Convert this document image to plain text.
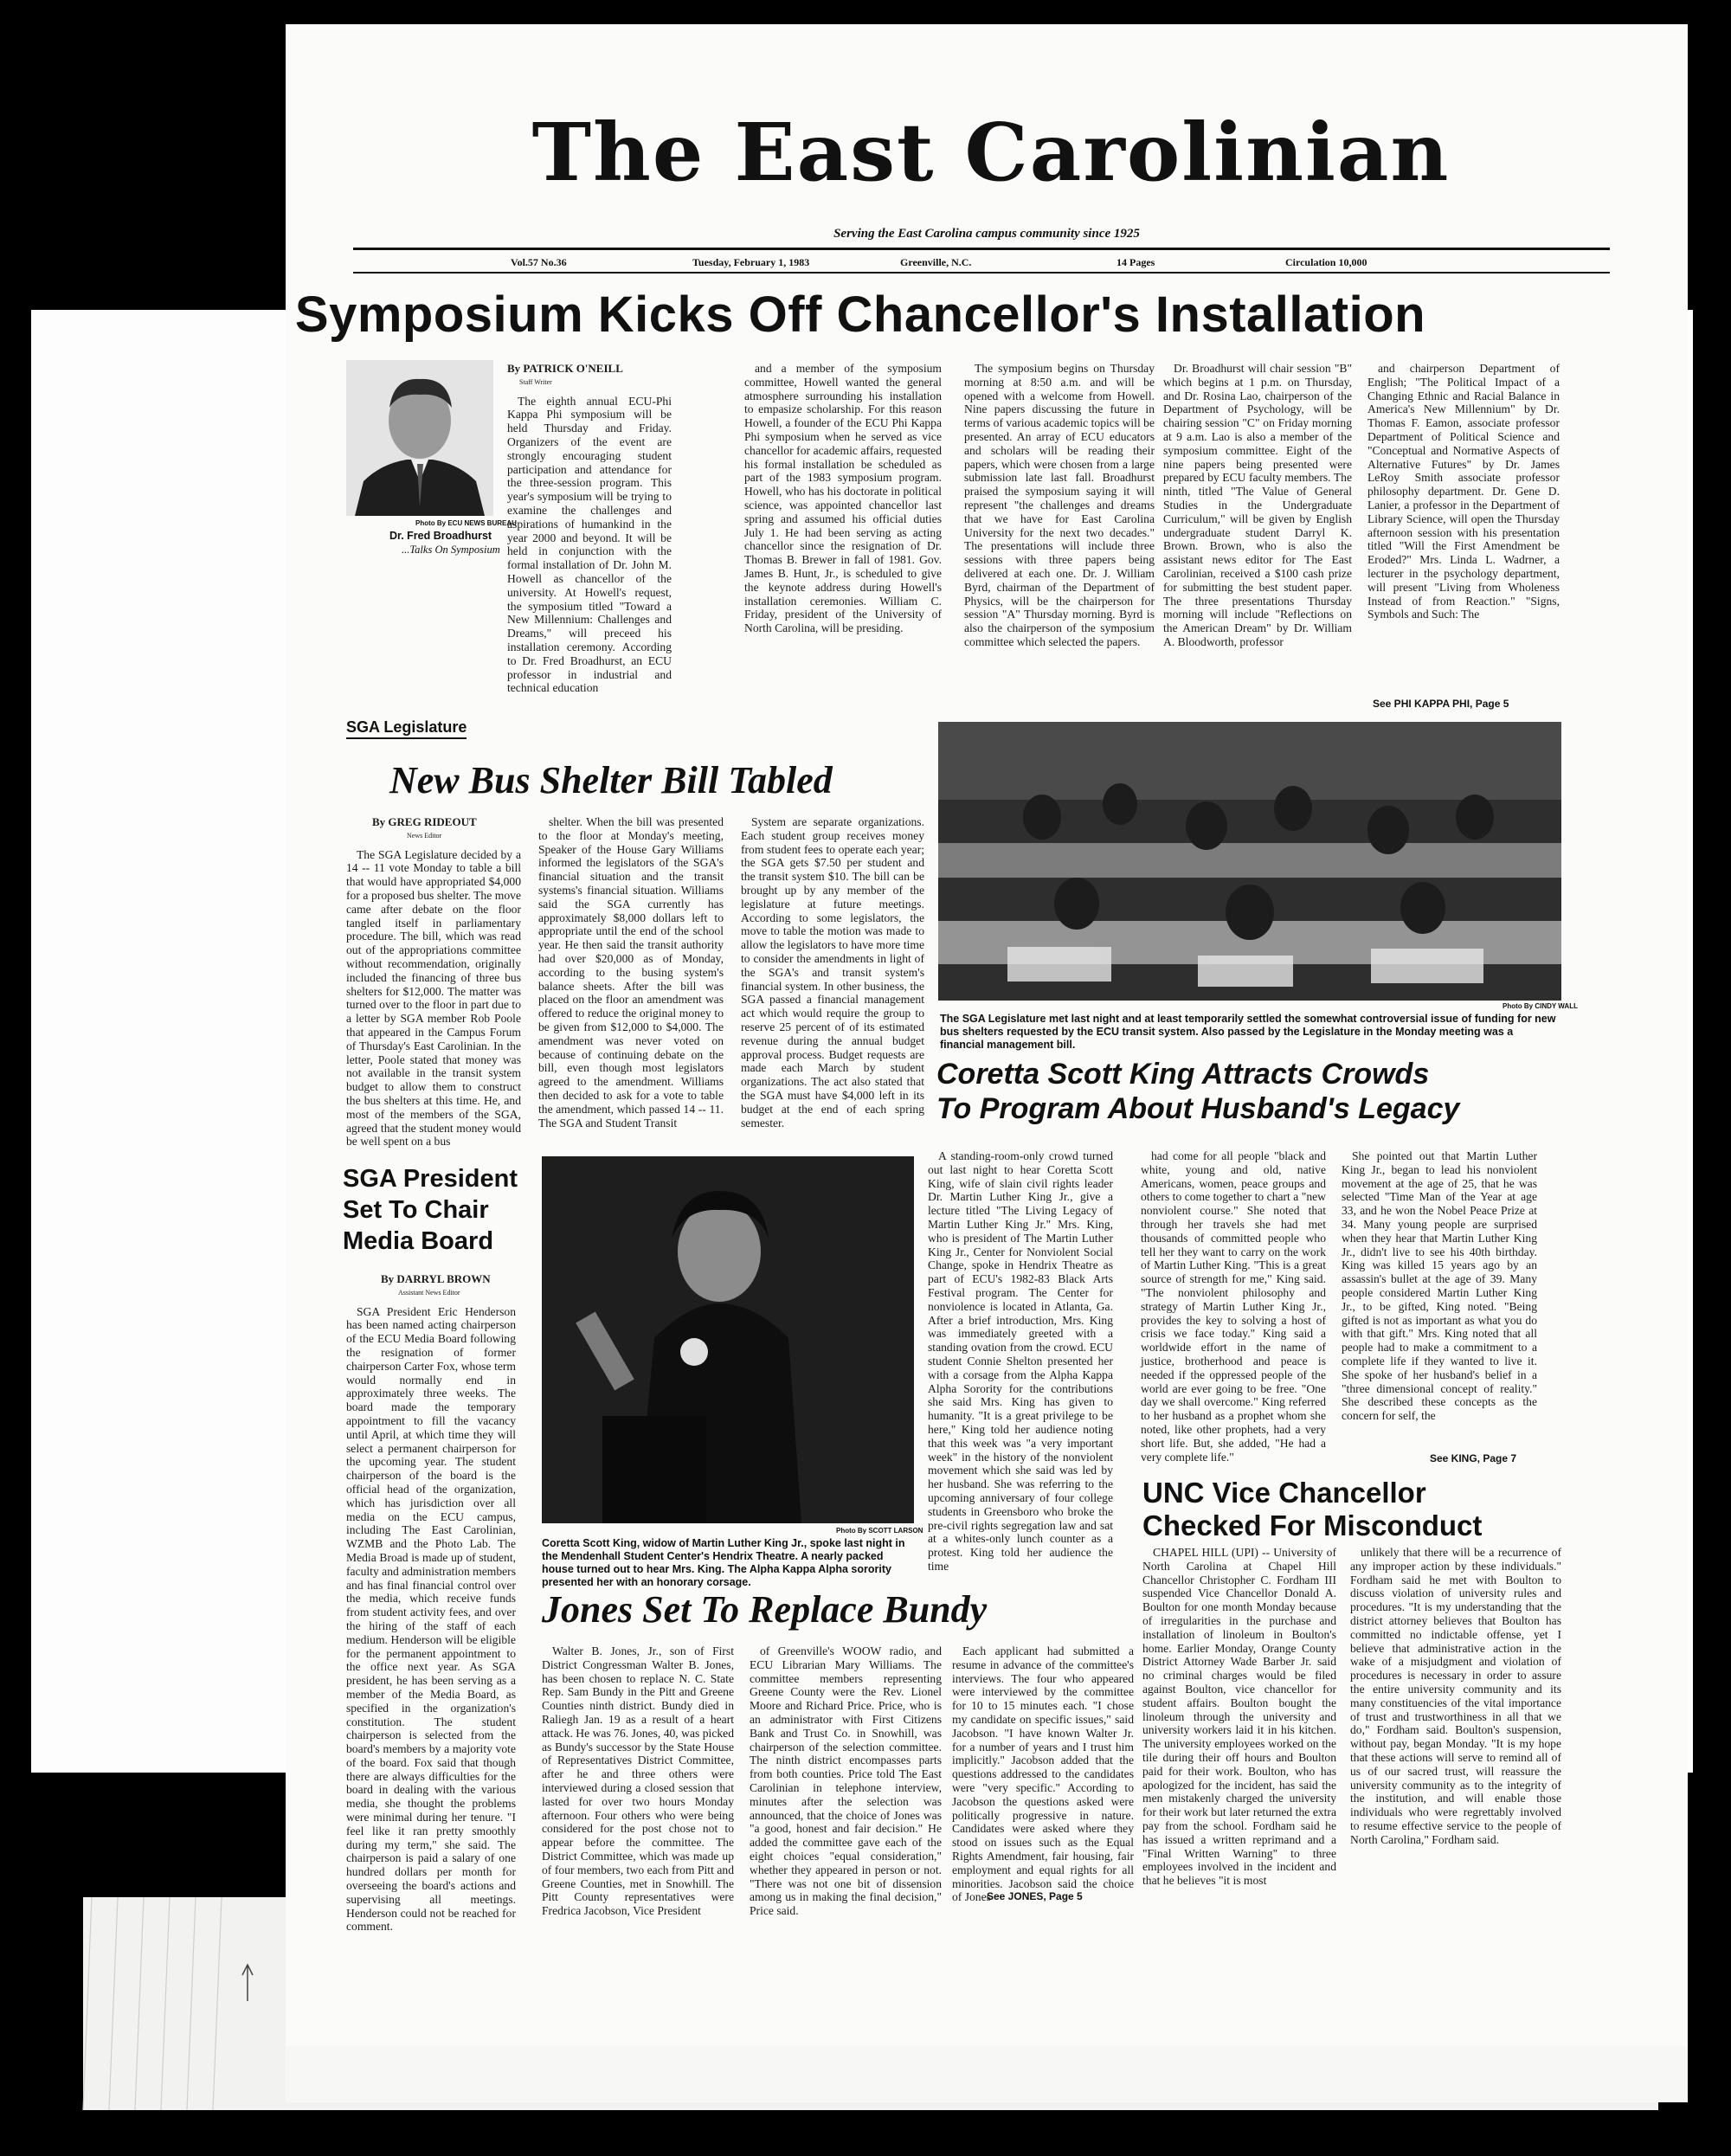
The East Carolinian
Serving the East Carolina campus community since 1925
Vol.57 No.36	Tuesday, February 1, 1983	Greenville, N.C.	14 Pages	Circulation 10,000
Symposium Kicks Off Chancellor's Installation
Photo By ECU NEWS BUREAU
Dr. Fred Broadhurst
...Talks On Symposium
By PATRICK O'NEILL
Staff Writer

The eighth annual ECU-Phi Kappa Phi symposium will be held Thursday and Friday. Organizers of the event are strongly encouraging student participation and attendance for the three-session program. This year's symposium will be trying to examine the challenges and aspirations of humankind in the year 2000 and beyond. It will be held in conjunction with the formal installation of Dr. John M. Howell as chancellor of the university. At Howell's request, the symposium titled "Toward a New Millennium: Challenges and Dreams," will preceed his installation ceremony. According to Dr. Fred Broadhurst, an ECU professor in industrial and technical education

and a member of the symposium committee, Howell wanted the general atmosphere surrounding his installation to empasize scholarship. For this reason Howell, a founder of the ECU Phi Kappa Phi symposium when he served as vice chancellor for academic affairs, requested his formal installation be scheduled as part of the 1983 symposium program. Howell, who has his doctorate in political science, was appointed chancellor last spring and assumed his official duties July 1. He had been serving as acting chancellor since the resignation of Dr. Thomas B. Brewer in fall of 1981. Gov. James B. Hunt, Jr., is scheduled to give the keynote address during Howell's installation ceremonies. William C. Friday, president of the University of North Carolina, will be presiding.

The symposium begins on Thursday morning at 8:50 a.m. and will be opened with a welcome from Howell. Nine papers discussing the future in terms of various academic topics will be presented. An array of ECU educators and scholars will be reading their papers, which were chosen from a large submission late last fall. Broadhurst praised the symposium saying it will represent "the challenges and dreams that we have for East Carolina University for the next two decades." The presentations will include three sessions with three papers being delivered at each one. Dr. J. William Byrd, chairman of the Department of Physics, will be the chairperson for session "A" Thursday morning. Byrd is also the chairperson of the symposium committee which selected the papers.

Dr. Broadhurst will chair session "B" which begins at 1 p.m. on Thursday, and Dr. Rosina Lao, chairperson of the Department of Psychology, will be chairing session "C" on Friday morning at 9 a.m. Lao is also a member of the symposium committee. Eight of the nine papers being presented were prepared by ECU faculty members. The ninth, titled "The Value of General Studies in the Undergraduate Curriculum," will be given by English undergraduate student Darryl K. Brown. Brown, who is also the assistant news editor for The East Carolinian, received a $100 cash prize for submitting the best student paper. The three presentations Thursday morning will include "Reflections on the American Dream" by Dr. William A. Bloodworth, professor

and chairperson Department of English; "The Political Impact of a Changing Ethnic and Racial Balance in America's New Millennium" by Dr. Thomas F. Eamon, associate professor Department of Political Science and "Conceptual and Normative Aspects of Alternative Futures" by Dr. James LeRoy Smith associate professor philosophy department. Dr. Gene D. Lanier, a professor in the Department of Library Science, will open the Thursday afternoon session with his presentation titled "Will the First Amendment be Eroded?" Mrs. Linda L. Wadrner, a lecturer in the psychology department, will present "Living from Wholeness Instead of from Reaction." "Signs, Symbols and Such: The

See PHI KAPPA PHI, Page 5
SGA Legislature
New Bus Shelter Bill Tabled
By GREG RIDEOUT
News Editor

The SGA Legislature decided by a 14 -- 11 vote Monday to table a bill that would have appropriated $4,000 for a proposed bus shelter. The move came after debate on the floor tangled itself in parliamentary procedure. The bill, which was read out of the appropriations committee without recommendation, originally included the financing of three bus shelters for $12,000. The matter was turned over to the floor in part due to a letter by SGA member Rob Poole that appeared in the Campus Forum of Thursday's East Carolinian. In the letter, Poole stated that money was not available in the transit system budget to allow them to construct the bus shelters at this time. He, and most of the members of the SGA, agreed that the student money would be well spent on a bus

shelter. When the bill was presented to the floor at Monday's meeting, Speaker of the House Gary Williams informed the legislators of the SGA's financial situation and the transit systems's financial situation. Williams said the SGA currently has approximately $8,000 dollars left to appropriate until the end of the school year. He then said the transit authority had over $20,000 as of Monday, according to the busing system's balance sheets. After the bill was placed on the floor an amendment was offered to reduce the original money to be given from $12,000 to $4,000. The amendment was never voted on because of continuing debate on the bill, even though most legislators agreed to the amendment. Williams then decided to ask for a vote to table the amendment, which passed 14 -- 11. The SGA and Student Transit

System are separate organizations. Each student group receives money from student fees to operate each year; the SGA gets $7.50 per student and the transit system $10. The bill can be brought up by any member of the legislature at future meetings. According to some legislators, the move to table the motion was made to allow the legislators to have more time to consider the amendments in light of the SGA's and transit system's financial system. In other business, the SGA passed a financial management act which would require the group to reserve 25 percent of of its estimated revenue during the annual budget approval process. Budget requests are made each March by student organizations. The act also stated that the SGA must have $4,000 left in its budget at the end of each spring semester.

Photo By CINDY WALL
The SGA Legislature met last night and at least temporarily settled the somewhat controversial issue of funding for new bus shelters requested by the ECU transit system. Also passed by the Legislature in the Monday meeting was a financial management bill.
Coretta Scott King Attracts Crowds
To Program About Husband's Legacy
SGA President
Set To Chair
Media Board
By DARRYL BROWN
Assistant News Editor

SGA President Eric Henderson has been named acting chairperson of the ECU Media Board following the resignation of former chairperson Carter Fox, whose term would normally end in approximately three weeks. The board made the temporary appointment to fill the vacancy until April, at which time they will select a permanent chairperson for the upcoming year. The student chairperson of the board is the official head of the organization, which has jurisdiction over all media on the ECU campus, including The East Carolinian, WZMB and the Photo Lab. The Media Broad is made up of student, faculty and administration members and has final financial control over the media, which receive funds from student activity fees, and over the hiring of the staff of each medium. Henderson will be eligible for the permanent appointment to the office next year. As SGA president, he has been serving as a member of the Media Board, as specified in the organization's constitution. The student chairperson is selected from the board's members by a majority vote of the board. Fox said that though there are always difficulties for the board in dealing with the various media, she thought the problems were minimal during her tenure. "I feel like it ran pretty smoothly during my term," she said. The chairperson is paid a salary of one hundred dollars per month for overseeing the board's actions and supervising all meetings. Henderson could not be reached for comment.

Photo By SCOTT LARSON
Coretta Scott King, widow of Martin Luther King Jr., spoke last night in the Mendenhall Student Center's Hendrix Theatre. A nearly packed house turned out to hear Mrs. King. The Alpha Kappa Alpha sorority presented her with an honorary corsage.

A standing-room-only crowd turned out last night to hear Coretta Scott King, wife of slain civil rights leader Dr. Martin Luther King Jr., give a lecture titled "The Living Legacy of Martin Luther King Jr." Mrs. King, who is president of The Martin Luther King Jr., Center for Nonviolent Social Change, spoke in Hendrix Theatre as part of ECU's 1982-83 Black Arts Festival program. The Center for nonviolence is located in Atlanta, Ga. After a brief introduction, Mrs. King was immediately greeted with a standing ovation from the crowd. ECU student Connie Shelton presented her with a corsage from the Alpha Kappa Alpha Sorority for the contributions she said Mrs. King has given to humanity. "It is a great privilege to be here," King told her audience noting that this week was "a very important week" in the history of the nonviolent movement which she said was led by her husband. She was referring to the upcoming anniversary of four college students in Greensboro who broke the pre-civil rights segregation law and sat at a whites-only lunch counter as a protest. King told her audience the time

had come for all people "black and white, young and old, native Americans, women, peace groups and others to come together to chart a "new nonviolent course." She noted that through her travels she had met thousands of committed people who tell her they want to carry on the work of Martin Luther King. "This is a great source of strength for me," King said. "The nonviolent philosophy and strategy of Martin Luther King Jr., provides the key to solving a host of crisis we face today." King said a worldwide effort in the name of justice, brotherhood and peace is needed if the oppressed people of the world are ever going to be free. "One day we shall overcome." King referred to her husband as a prophet whom she noted, like other prophets, had a very short life. But, she added, "He had a very complete life."

She pointed out that Martin Luther King Jr., began to lead his nonviolent movement at the age of 25, that he was selected "Time Man of the Year at age 33, and he won the Nobel Peace Prize at 34. Many young people are surprised when they hear that Martin Luther King Jr., didn't live to see his 40th birthday. King was killed 15 years ago by an assassin's bullet at the age of 39. Many people considered Martin Luther King Jr., to be gifted, King noted. "Being gifted is not as important as what you do with that gift." Mrs. King noted that all people had to make a commitment to a complete life if they wanted to live it. She spoke of her husband's belief in a "three dimensional concept of reality." She described these concepts as the concern for self, the

See KING, Page 7
UNC Vice Chancellor
Checked For Misconduct

CHAPEL HILL (UPI) -- University of North Carolina at Chapel Hill Chancellor Christopher C. Fordham III suspended Vice Chancellor Donald A. Boulton for one month Monday because of irregularities in the purchase and installation of linoleum in Boulton's home. Earlier Monday, Orange County District Attorney Wade Barber Jr. said no criminal charges would be filed against Boulton, vice chancellor for student affairs. Boulton bought the linoleum through the university and university workers laid it in his kitchen. The university employees worked on the tile during their off hours and Boulton paid for their work. Boulton, who has apologized for the incident, has said the men mistakenly charged the university for their work but later returned the extra pay from the school. Fordham said he has issued a written reprimand and a "Final Written Warning" to three employees involved in the incident and that he believes "it is most

unlikely that there will be a recurrence of any improper action by these individuals." Fordham said he met with Boulton to discuss violation of university rules and procedures. "It is my understanding that the district attorney believes that Boulton has committed no indictable offense, yet I believe that administrative action in the wake of a misjudgment and violation of procedures is necessary in order to assure the entire university community and its many constituencies of the vital importance of trust and trustworthiness in all that we do," Fordham said. Boulton's suspension, without pay, began Monday. "It is my hope that these actions will serve to remind all of us of our sacred trust, will reassure the university community as to the integrity of the institution, and will enable those individuals who were regrettably involved to resume effective service to the people of North Carolina," Fordham said.

Jones Set To Replace Bundy

Walter B. Jones, Jr., son of First District Congressman Walter B. Jones, has been chosen to replace N. C. State Rep. Sam Bundy in the Pitt and Greene Counties ninth district. Bundy died in Raliegh Jan. 19 as a result of a heart attack. He was 76. Jones, 40, was picked as Bundy's successor by the State House of Representatives District Committee, after he and three others were interviewed during a closed session that lasted for over two hours Monday afternoon. Four others who were being considered for the post chose not to appear before the committee. The District Committee, which was made up of four members, two each from Pitt and Greene Counties, met in Snowhill. The Pitt County representatives were Fredrica Jacobson, Vice President

of Greenville's WOOW radio, and ECU Librarian Mary Williams. The committee members representing Greene County were the Rev. Lionel Moore and Richard Price. Price, who is an administrator with First Citizens Bank and Trust Co. in Snowhill, was chairperson of the selection committee. The ninth district encompasses parts from both counties. Price told The East Carolinian in telephone interview, minutes after the selection was announced, that the choice of Jones was "a good, honest and fair decision." He added the committee gave each of the eight choices "equal consideration," whether they appeared in person or not. "There was not one bit of dissension among us in making the final decision," Price said.

Each applicant had submitted a resume in advance of the committee's interviews. The four who appeared were interviewed by the committee for 10 to 15 minutes each. "I chose my candidate on specific issues," said Jacobson. "I have known Walter Jr. for a number of years and I trust him implicitly." Jacobson added that the questions addressed to the candidates were "very specific." According to Jacobson the questions asked were politically progressive in nature. Candidates were asked where they stood on issues such as the Equal Rights Amendment, fair housing, fair employment and equal rights for all minorities. Jacobson said the choice of Jones

See JONES, Page 5
